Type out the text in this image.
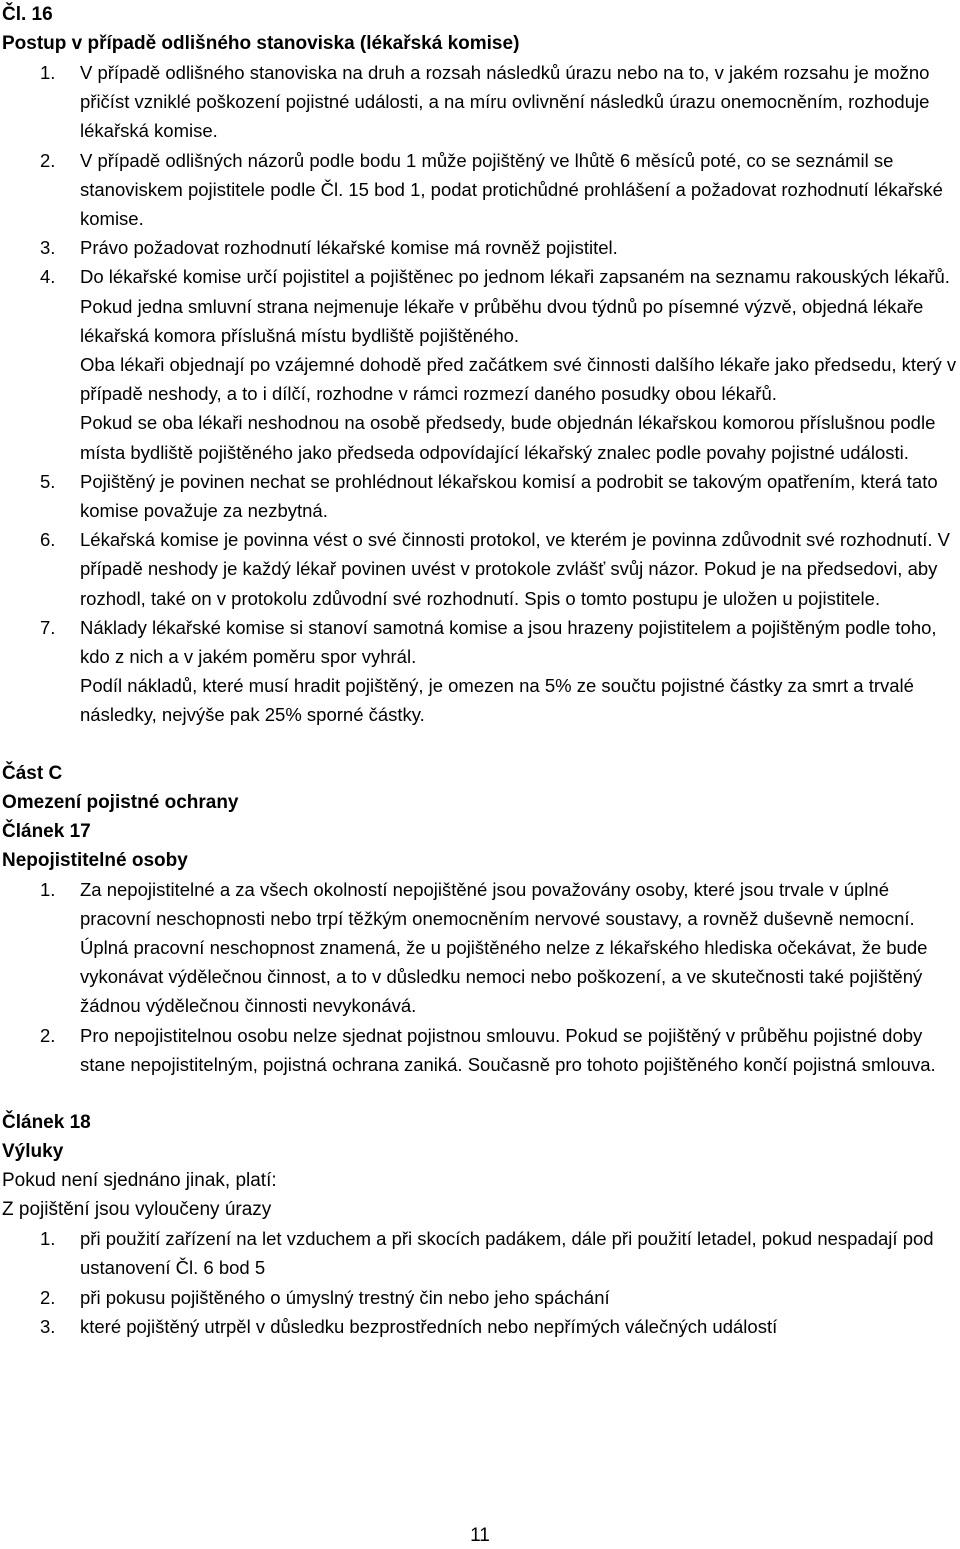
Čl. 16
Postup v případě odlišného stanoviska (lékařská komise)
1. V případě odlišného stanoviska na druh a rozsah následků úrazu nebo na to, v jakém rozsahu je možno přičíst vzniklé poškození pojistné události, a na míru ovlivnění následků úrazu onemocněním, rozhoduje lékařská komise.

2. V případě odlišných názorů podle bodu 1 může pojištěný ve lhůtě 6 měsíců poté, co se seznámil se stanoviskem pojistitele podle Čl. 15 bod 1, podat protichůdné prohlášení a požadovat rozhodnutí lékařské komise.

3. Právo požadovat rozhodnutí lékařské komise má rovněž pojistitel.

4. Do lékařské komise určí pojistitel a pojištěnec po jednom lékaři zapsaném na seznamu rakouských lékařů. Pokud jedna smluvní strana nejmenuje lékaře v průběhu dvou týdnů po písemné výzvě, objedná lékaře lékařská komora příslušná místu bydliště pojištěného.

Oba lékaři objednají po vzájemné dohodě před začátkem své činnosti dalšího lékaře jako předsedu, který v případě neshody, a to i dílčí, rozhodne v rámci rozmezí daného posudky obou lékařů.

Pokud se oba lékaři neshodnou na osobě předsedy, bude objednán lékařskou komorou příslušnou podle místa bydliště pojištěného jako předseda odpovídající lékařský znalec podle povahy pojistné události.

5. Pojištěný je povinen nechat se prohlédnout lékařskou komisí a podrobit se takovým opatřením, která tato komise považuje za nezbytná.

6. Lékařská komise je povinna vést o své činnosti protokol, ve kterém je povinna zdůvodnit své rozhodnutí. V případě neshody je každý lékař povinen uvést v protokole zvlášť svůj názor. Pokud je na předsedovi, aby rozhodl, také on v protokolu zdůvodní své rozhodnutí. Spis o tomto postupu je uložen u pojistitele.

7. Náklady lékařské komise si stanoví samotná komise a jsou hrazeny pojistitelem a pojištěným podle toho, kdo z nich a v jakém poměru spor vyhrál.

Podíl nákladů, které musí hradit pojištěný, je omezen na 5% ze součtu pojistné částky za smrt a trvalé následky, nejvýše pak 25% sporné částky.

Část C
Omezení pojistné ochrany
Článek 17
Nepojistitelné osoby
1. Za nepojistitelné a za všech okolností nepojištěné jsou považovány osoby, které jsou trvale v úplné pracovní neschopnosti nebo trpí těžkým onemocněním nervové soustavy, a rovněž duševně nemocní. Úplná pracovní neschopnost znamená, že u pojištěného nelze z lékařského hlediska očekávat, že bude vykonávat výdělečnou činnost, a to v důsledku nemoci nebo poškození, a ve skutečnosti také pojištěný žádnou výdělečnou činnosti nevykonává.

2. Pro nepojistitelnou osobu nelze sjednat pojistnou smlouvu. Pokud se pojištěný v průběhu pojistné doby stane nepojistitelným, pojistná ochrana zaniká. Současně pro tohoto pojištěného končí pojistná smlouva.

Článek 18
Výluky

Pokud není sjednáno jinak, platí:

Z pojištění jsou vyloučeny úrazy

1. při použití zařízení na let vzduchem a při skocích padákem, dále při použití letadel, pokud nespadají pod ustanovení Čl. 6 bod 5

2. při pokusu pojištěného o úmyslný trestný čin nebo jeho spáchání

3. které pojištěný utrpěl v důsledku bezprostředních nebo nepřímých válečných událostí

11
